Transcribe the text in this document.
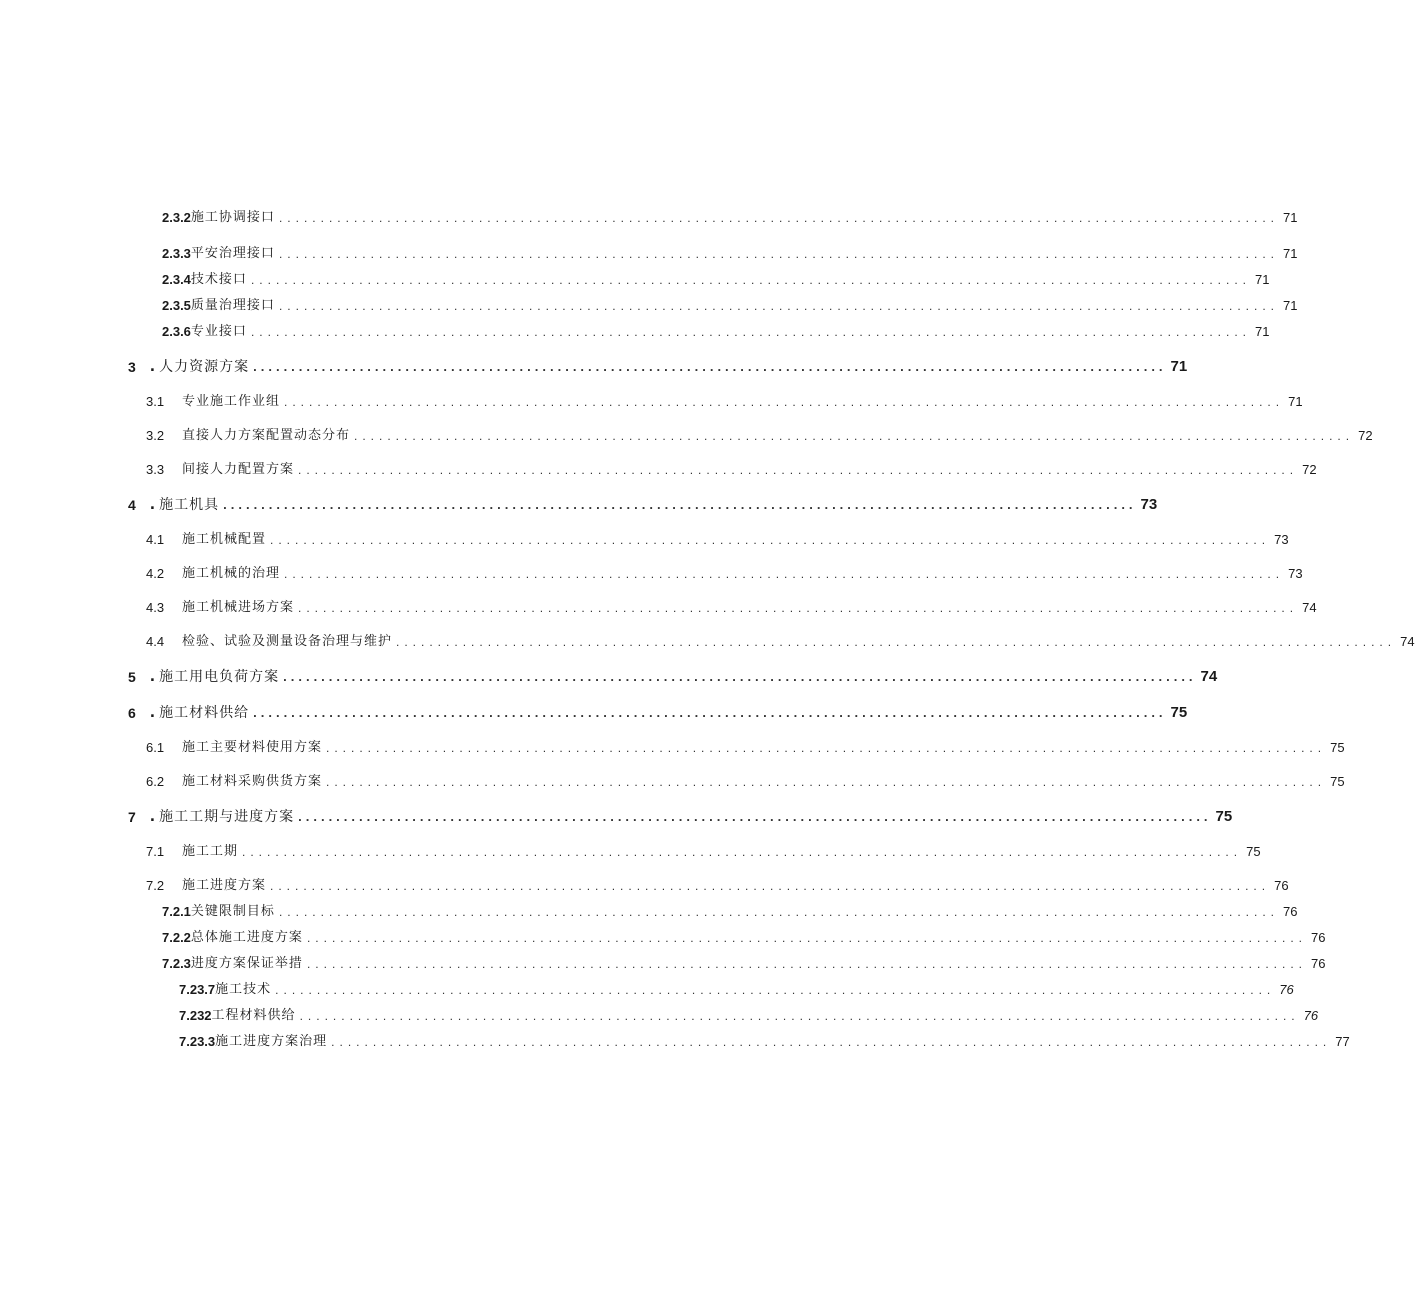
2.3.2 施工协调接口 ........................................................................................................................ 71
2.3.3 平安治理接口 ........................................................................................................................ 71
2.3.4 技术接口 ........................................................................................................................ 71
2.3.5 质量治理接口 ........................................................................................................................ 71
2.3.6 专业接口 ........................................................................................................................ 71
3 . 人力资源方案 ........................................................................................................................ 71
3.1	专业施工作业组 ........................................................................................................................ 71
3.2	直接人力方案配置动态分布 ........................................................................................................................ 72
3.3	间接人力配置方案 ........................................................................................................................ 72
4 . 施工机具 ........................................................................................................................ 73
4.1	施工机械配置 ........................................................................................................................ 73
4.2	施工机械的治理 ........................................................................................................................ 73
4.3	施工机械进场方案 ........................................................................................................................ 74
4.4	检验、试验及测量设备治理与维护 ........................................................................................................................ 74
5 . 施工用电负荷方案 ........................................................................................................................ 74
6 . 施工材料供给 ........................................................................................................................ 75
6.1	施工主要材料使用方案 ........................................................................................................................ 75
6.2	施工材料采购供货方案 ........................................................................................................................ 75
7 . 施工工期与进度方案 ........................................................................................................................ 75
7.1	施工工期 ........................................................................................................................ 75
7.2	施工进度方案 ........................................................................................................................ 76
7.2.1 关键限制目标 ........................................................................................................................ 76
7.2.2 总体施工进度方案 ........................................................................................................................ 76
7.2.3 进度方案保证举措 ........................................................................................................................ 76
7.23.7 施工技术 ........................................................................................................................ 76
7.232 工程材料供给 ........................................................................................................................ 76
7.23.3 施工进度方案治理 ........................................................................................................................ 77
